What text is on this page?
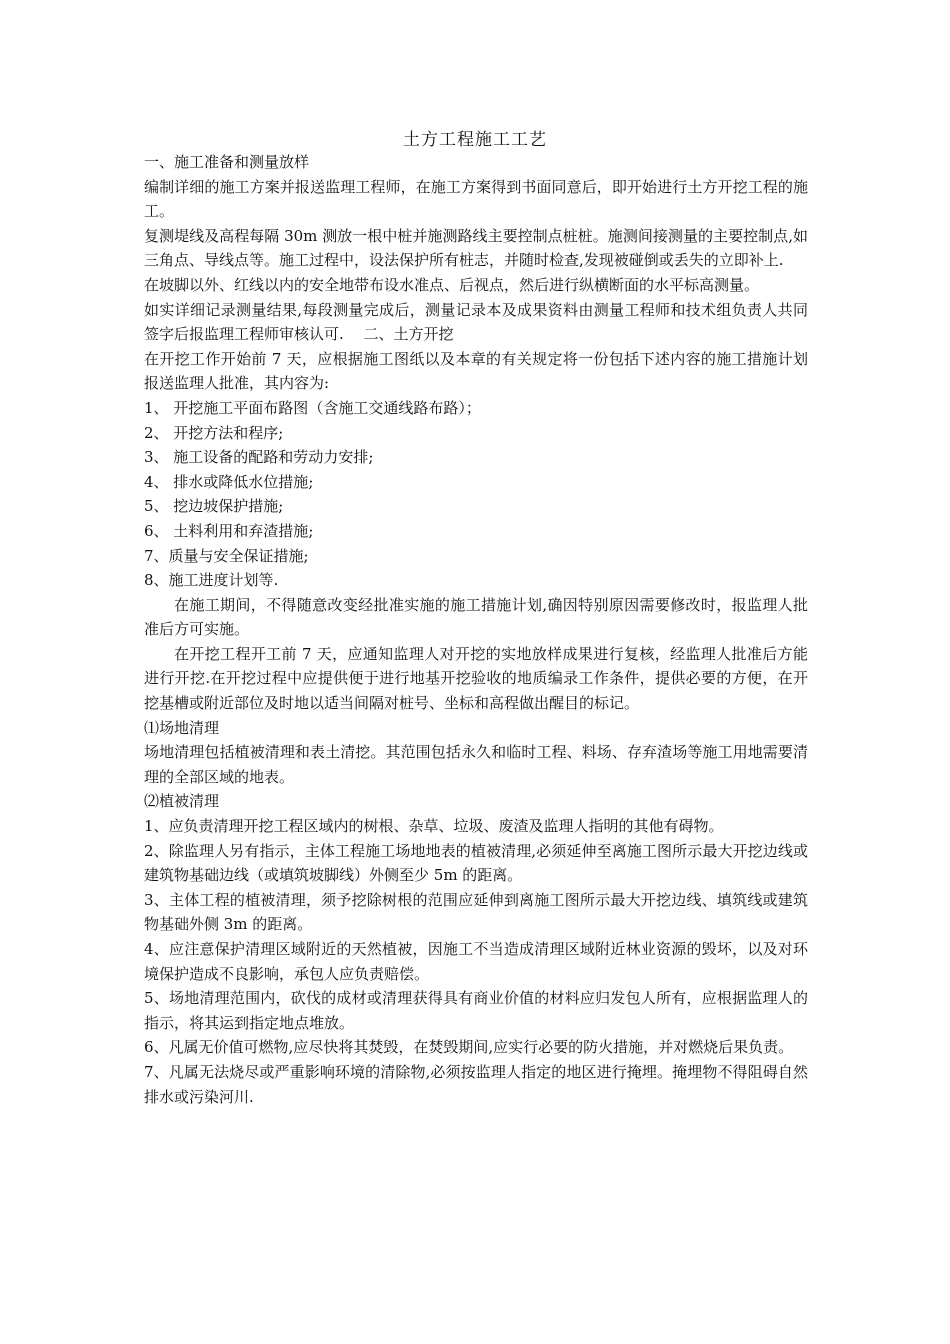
土方工程施工工艺

一、施工准备和测量放样

编制详细的施工方案并报送监理工程师，在施工方案得到书面同意后，即开始进行土方开挖工程的施工。

复测堤线及高程每隔 30m 测放一根中桩并施测路线主要控制点桩桩。施测间接测量的主要控制点,如三角点、导线点等。施工过程中，设法保护所有桩志，并随时检查,发现被碰倒或丢失的立即补上.

在坡脚以外、红线以内的安全地带布设水准点、后视点，然后进行纵横断面的水平标高测量。

如实详细记录测量结果,每段测量完成后，测量记录本及成果资料由测量工程师和技术组负责人共同签字后报监理工程师审核认可.　 二、土方开挖

在开挖工作开始前 7 天，应根据施工图纸以及本章的有关规定将一份包括下述内容的施工措施计划报送监理人批准，其内容为:

1、 开挖施工平面布路图（含施工交通线路布路）；

2、 开挖方法和程序;

3、 施工设备的配路和劳动力安排;

4、 排水或降低水位措施;

5、 挖边坡保护措施;

6、 土料利用和弃渣措施;

7、质量与安全保证措施;

8、施工进度计划等.

在施工期间，不得随意改变经批准实施的施工措施计划,确因特别原因需要修改时，报监理人批准后方可实施。

在开挖工程开工前 7 天，应通知监理人对开挖的实地放样成果进行复核，经监理人批准后方能进行开挖.在开挖过程中应提供便于进行地基开挖验收的地质编录工作条件，提供必要的方便，在开挖基槽或附近部位及时地以适当间隔对桩号、坐标和高程做出醒目的标记。

⑴场地清理

场地清理包括植被清理和表土清挖。其范围包括永久和临时工程、料场、存弃渣场等施工用地需要清理的全部区域的地表。

⑵植被清理

1、应负责清理开挖工程区域内的树根、杂草、垃圾、废渣及监理人指明的其他有碍物。

2、除监理人另有指示，主体工程施工场地地表的植被清理,必须延伸至离施工图所示最大开挖边线或建筑物基础边线（或填筑坡脚线）外侧至少 5m 的距离。

3、主体工程的植被清理，须予挖除树根的范围应延伸到离施工图所示最大开挖边线、填筑线或建筑物基础外侧 3m 的距离。

4、应注意保护清理区域附近的天然植被，因施工不当造成清理区域附近林业资源的毁坏，以及对环境保护造成不良影响，承包人应负责赔偿。

5、场地清理范围内，砍伐的成材或清理获得具有商业价值的材料应归发包人所有，应根据监理人的指示，将其运到指定地点堆放。

6、凡属无价值可燃物,应尽快将其焚毁，在焚毁期间,应实行必要的防火措施，并对燃烧后果负责。

7、凡属无法烧尽或严重影响环境的清除物,必须按监理人指定的地区进行掩埋。掩埋物不得阻碍自然排水或污染河川.
